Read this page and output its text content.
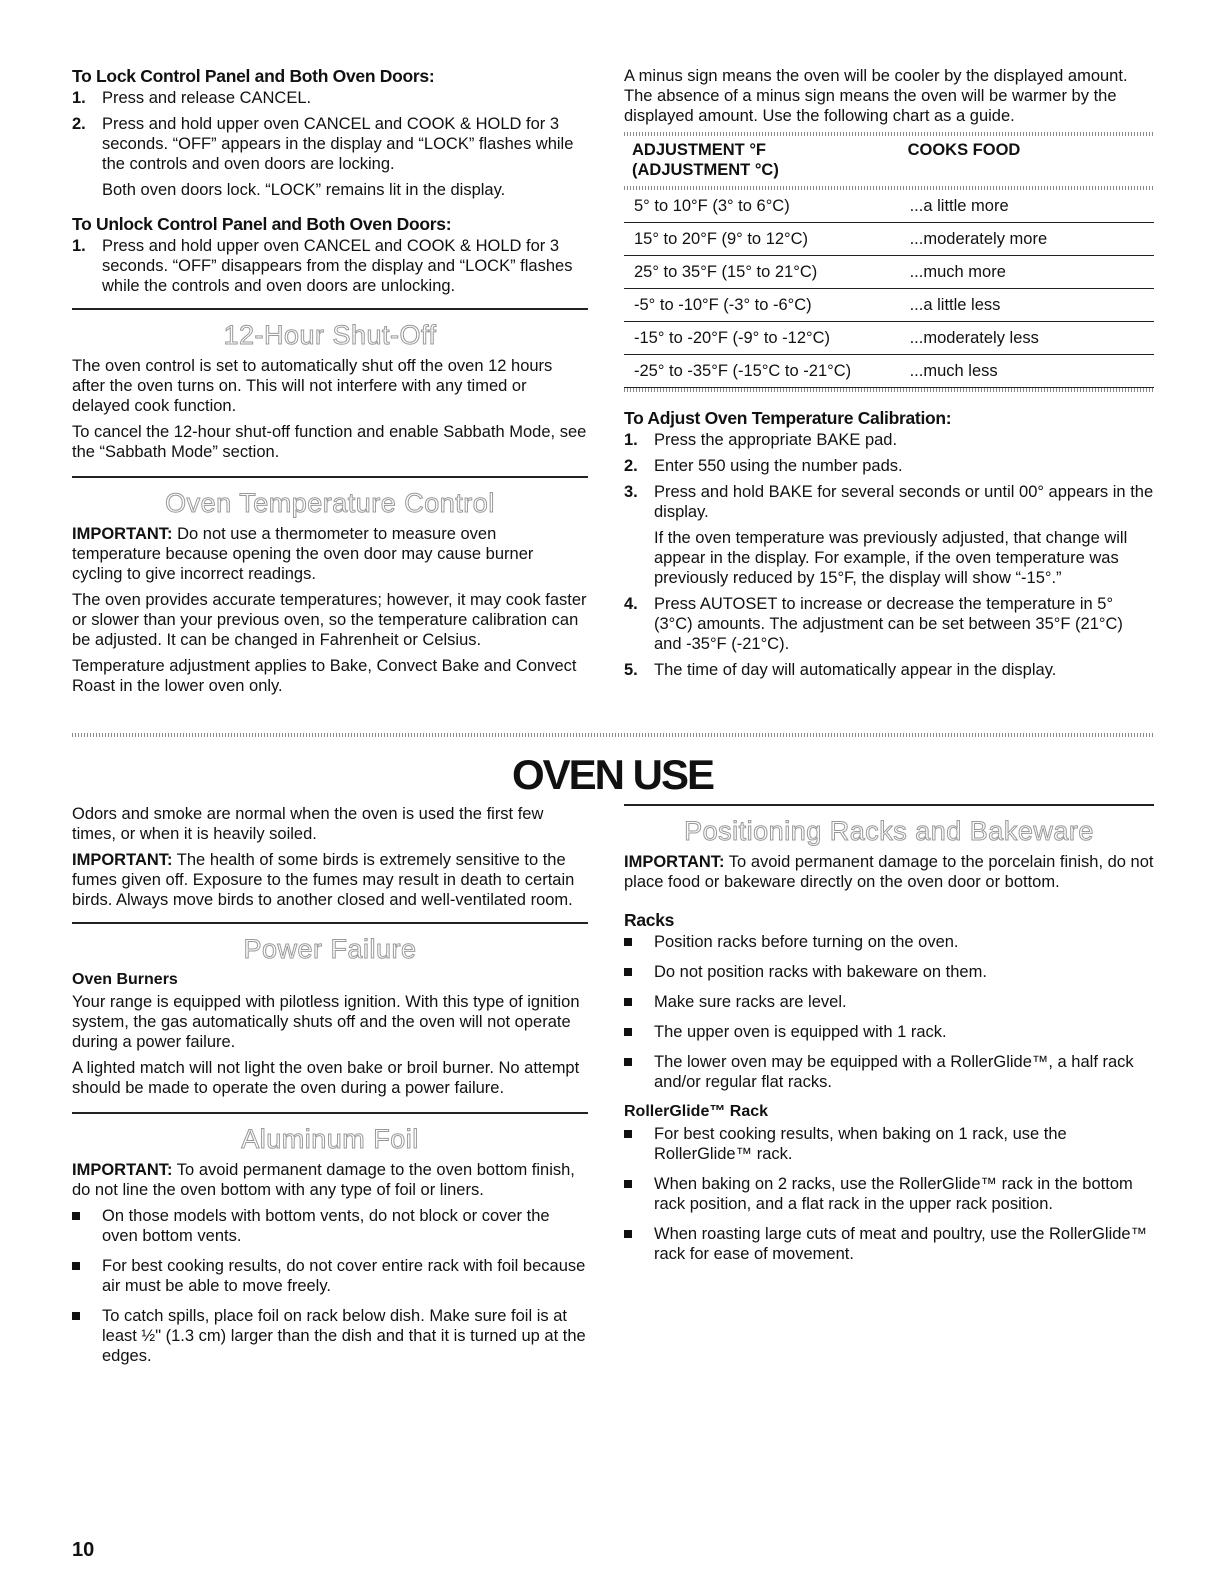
To Lock Control Panel and Both Oven Doors:
1. Press and release CANCEL.
2. Press and hold upper oven CANCEL and COOK & HOLD for 3 seconds. “OFF” appears in the display and “LOCK” flashes while the controls and oven doors are locking.
Both oven doors lock. “LOCK” remains lit in the display.
To Unlock Control Panel and Both Oven Doors:
1. Press and hold upper oven CANCEL and COOK & HOLD for 3 seconds. “OFF” disappears from the display and “LOCK” flashes while the controls and oven doors are unlocking.
12-Hour Shut-Off

The oven control is set to automatically shut off the oven 12 hours after the oven turns on. This will not interfere with any timed or delayed cook function.

To cancel the 12-hour shut-off function and enable Sabbath Mode, see the “Sabbath Mode” section.

Oven Temperature Control

IMPORTANT: Do not use a thermometer to measure oven temperature because opening the oven door may cause burner cycling to give incorrect readings.

The oven provides accurate temperatures; however, it may cook faster or slower than your previous oven, so the temperature calibration can be adjusted. It can be changed in Fahrenheit or Celsius.

Temperature adjustment applies to Bake, Convect Bake and Convect Roast in the lower oven only.

A minus sign means the oven will be cooler by the displayed amount. The absence of a minus sign means the oven will be warmer by the displayed amount. Use the following chart as a guide.

ADJUSTMENT °F
(ADJUSTMENT °C)	COOKS FOOD

5° to 10°F (3° to 6°C)	...a little more
15° to 20°F (9° to 12°C)	...moderately more
25° to 35°F (15° to 21°C)	...much more
-5° to -10°F (-3° to -6°C)	...a little less
-15° to -20°F (-9° to -12°C)	...moderately less
-25° to -35°F (-15°C to -21°C)	...much less

To Adjust Oven Temperature Calibration:
1. Press the appropriate BAKE pad.
2. Enter 550 using the number pads.
3. Press and hold BAKE for several seconds or until 00° appears in the display.
If the oven temperature was previously adjusted, that change will appear in the display. For example, if the oven temperature was previously reduced by 15°F, the display will show “-15°.”
4. Press AUTOSET to increase or decrease the temperature in 5° (3°C) amounts. The adjustment can be set between 35°F (21°C) and -35°F (-21°C).
5. The time of day will automatically appear in the display.
OVEN USE

Odors and smoke are normal when the oven is used the first few times, or when it is heavily soiled.

IMPORTANT: The health of some birds is extremely sensitive to the fumes given off. Exposure to the fumes may result in death to certain birds. Always move birds to another closed and well-ventilated room.

Power Failure
Oven Burners

Your range is equipped with pilotless ignition. With this type of ignition system, the gas automatically shuts off and the oven will not operate during a power failure.

A lighted match will not light the oven bake or broil burner. No attempt should be made to operate the oven during a power failure.

Aluminum Foil

IMPORTANT: To avoid permanent damage to the oven bottom finish, do not line the oven bottom with any type of foil or liners.

On those models with bottom vents, do not block or cover the oven bottom vents.
For best cooking results, do not cover entire rack with foil because air must be able to move freely.
To catch spills, place foil on rack below dish. Make sure foil is at least ½" (1.3 cm) larger than the dish and that it is turned up at the edges.
Positioning Racks and Bakeware

IMPORTANT: To avoid permanent damage to the porcelain finish, do not place food or bakeware directly on the oven door or bottom.

Racks
Position racks before turning on the oven.
Do not position racks with bakeware on them.
Make sure racks are level.
The upper oven is equipped with 1 rack.
The lower oven may be equipped with a RollerGlide™, a half rack and/or regular flat racks.
RollerGlide™ Rack
For best cooking results, when baking on 1 rack, use the RollerGlide™ rack.
When baking on 2 racks, use the RollerGlide™ rack in the bottom rack position, and a flat rack in the upper rack position.
When roasting large cuts of meat and poultry, use the RollerGlide™ rack for ease of movement.
10
